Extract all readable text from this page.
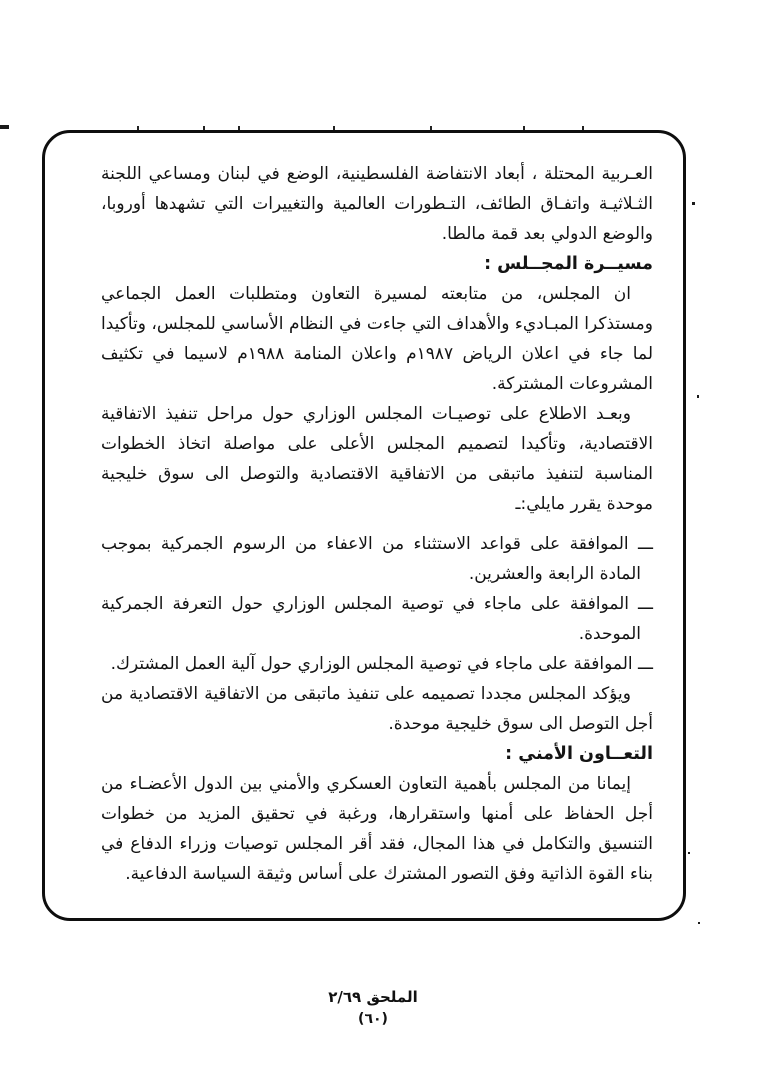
العـربية المحتلة ، أبعاد الانتفاضة الفلسطينية، الوضع في لبنان ومساعي اللجنة الثـلاثيـة واتفـاق الطائف، التـطورات العالمية والتغييرات التي تشهدها أوروبا، والوضع الدولي بعد قمة مالطا.

مسيــرة المجــلس :

ان المجلس، من متابعته لمسيرة التعاون ومتطلبات العمل الجماعي ومستذكرا المبـاديء والأهداف التي جاءت في النظام الأساسي للمجلس، وتأكيدا لما جاء في اعلان الرياض ١٩٨٧م واعلان المنامة ١٩٨٨م لاسيما في تكثيف المشروعات المشتركة.

وبعـد الاطلاع على توصيـات المجلس الوزاري حول مراحل تنفيذ الاتفاقية الاقتصادية، وتأكيدا لتصميم المجلس الأعلى على مواصلة اتخاذ الخطوات المناسبة لتنفيذ ماتبقى من الاتفاقية الاقتصادية والتوصل الى سوق خليجية موحدة يقرر مايلي:ـ

ـــ الموافقة على قواعد الاستثناء من الاعفاء من الرسوم الجمركية بموجب المادة الرابعة والعشرين.
ـــ الموافقة على ماجاء في توصية المجلس الوزاري حول التعرفة الجمركية الموحدة.
ـــ الموافقة على ماجاء في توصية المجلس الوزاري حول آلية العمل المشترك.

ويؤكد المجلس مجددا تصميمه على تنفيذ ماتبقى من الاتفاقية الاقتصادية من أجل التوصل الى سوق خليجية موحدة.

التعــاون الأمني :

إيمانا من المجلس بأهمية التعاون العسكري والأمني بين الدول الأعضـاء من أجل الحفاظ على أمنها واستقرارها، ورغبة في تحقيق المزيد من خطوات التنسيق والتكامل في هذا المجال، فقد أقر المجلس توصيات وزراء الدفاع في بناء القوة الذاتية وفق التصور المشترك على أساس وثيقة السياسة الدفاعية.

الملحق ٢/٦٩
(٦٠)
